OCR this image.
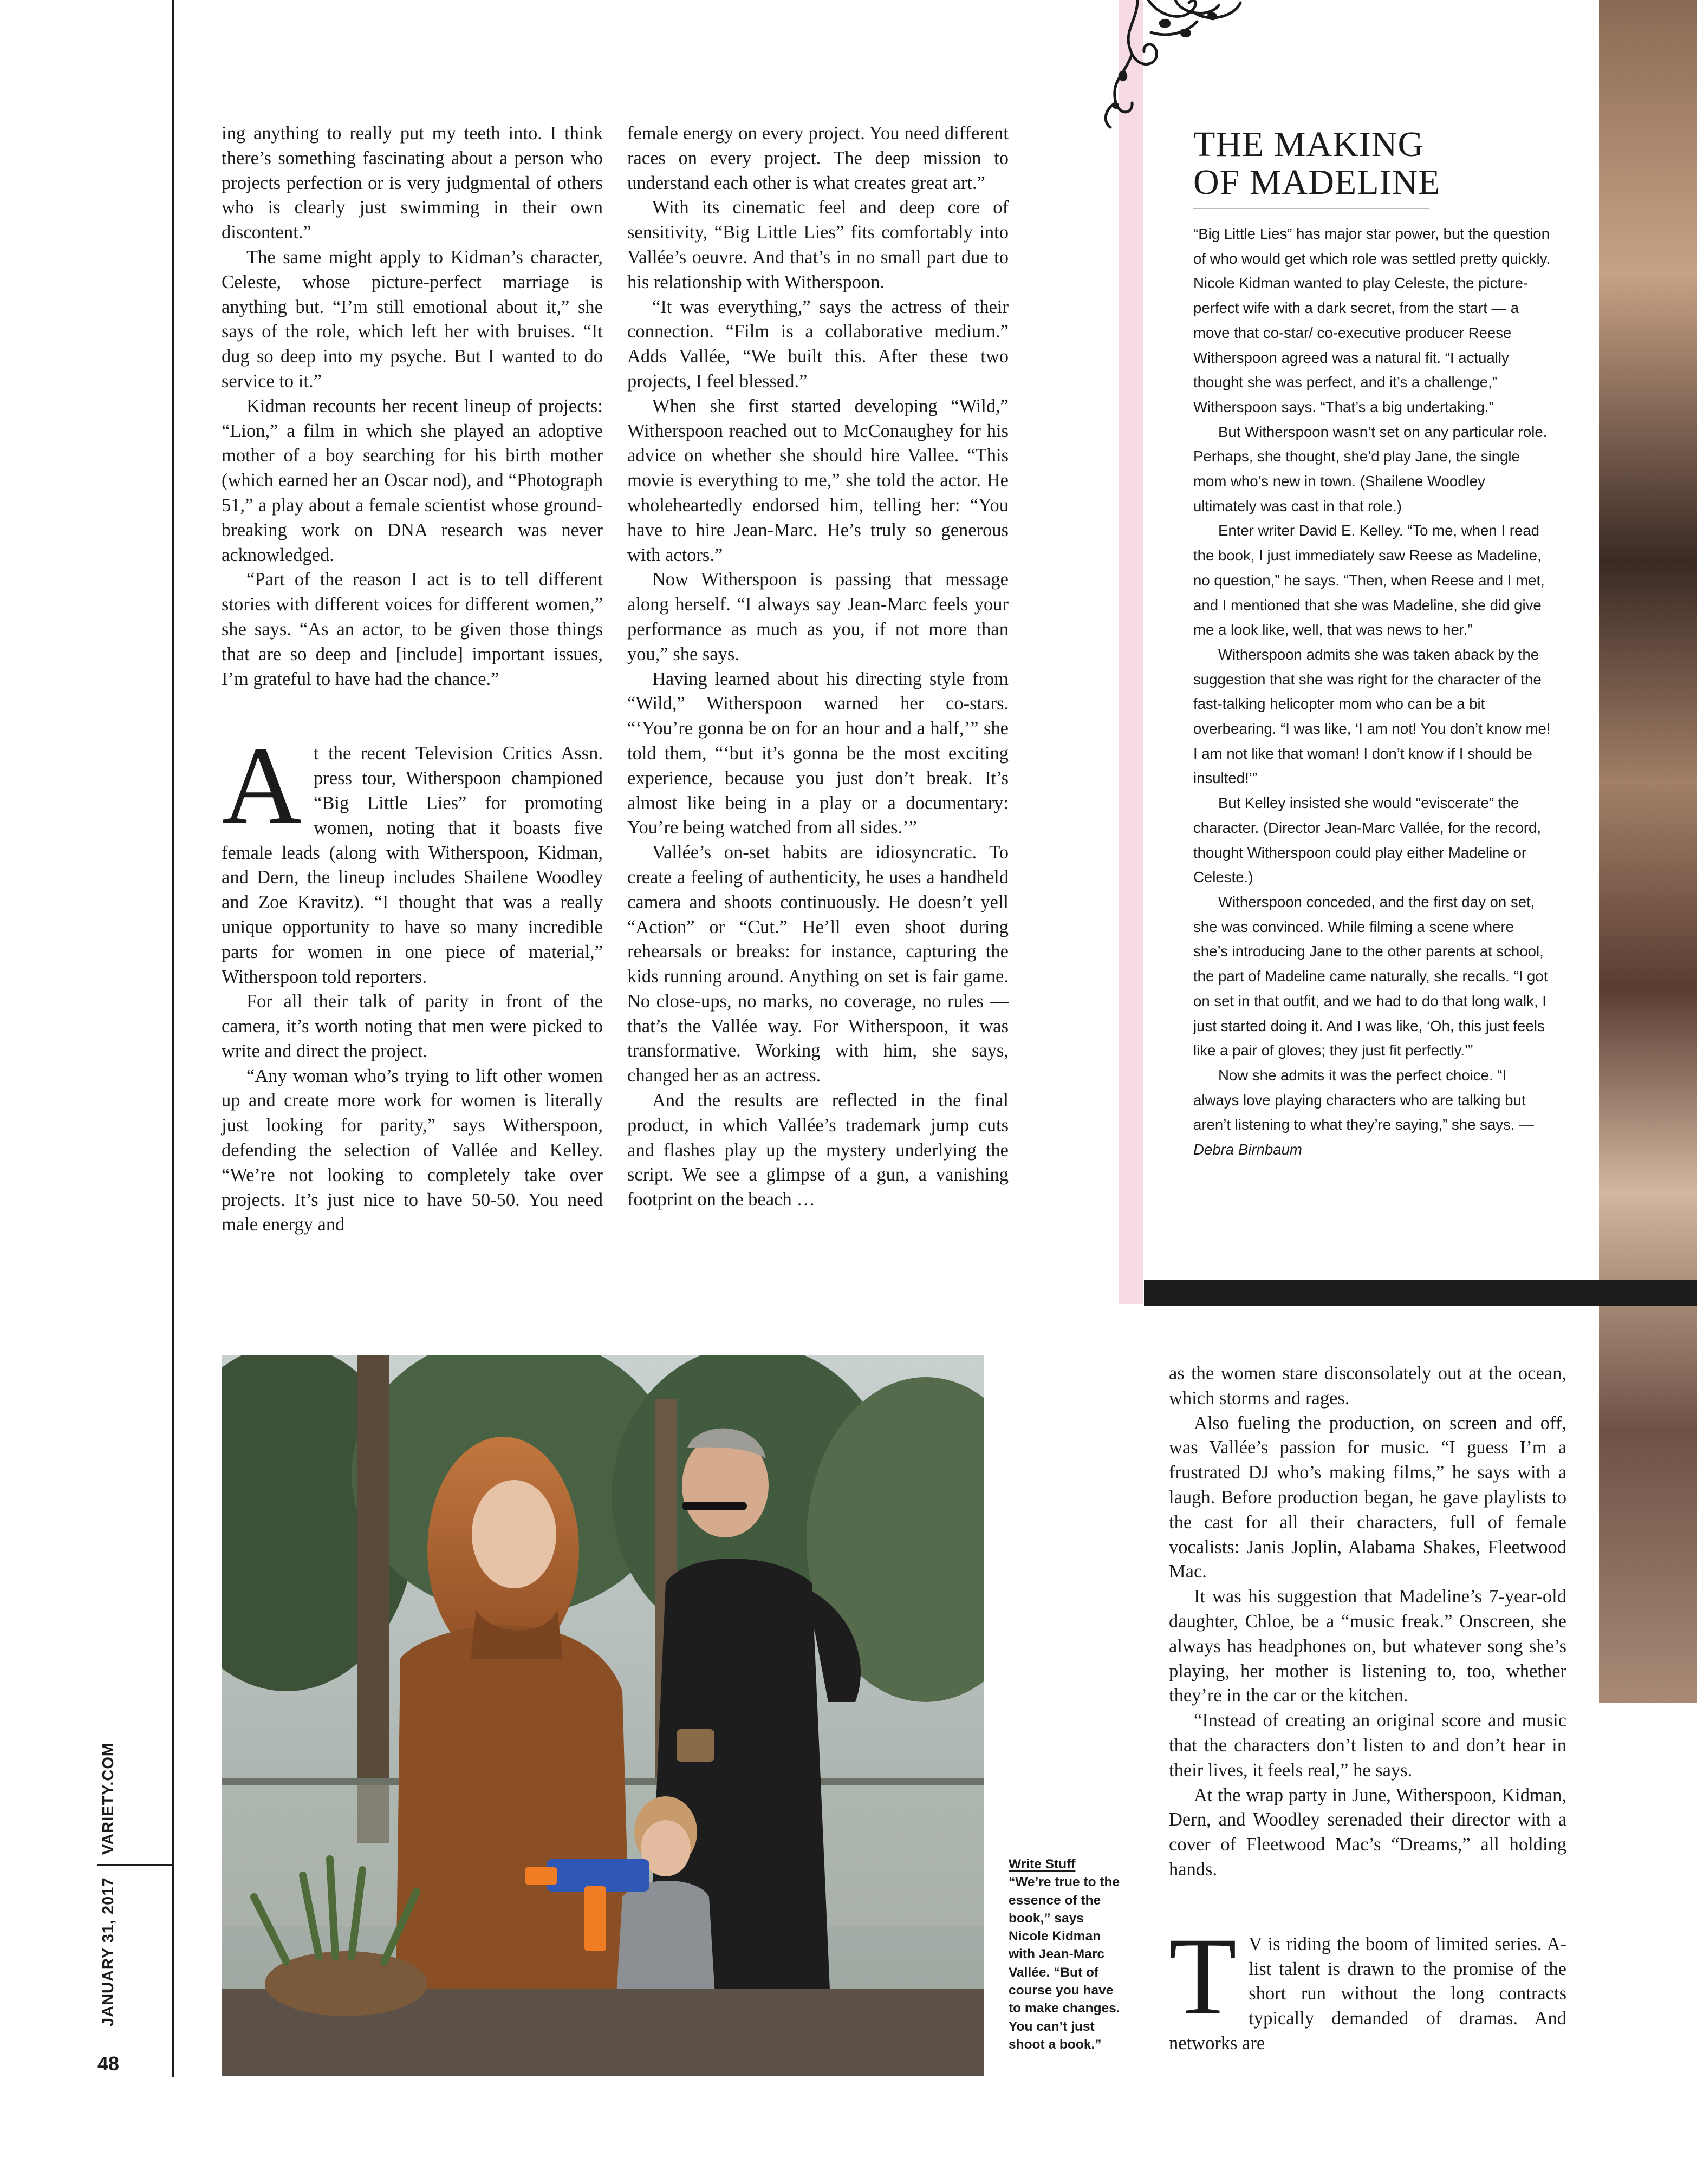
VARIETY.COM
JANUARY 31, 2017
48

ing anything to really put my teeth into. I think there’s something fascinating about a person who projects perfection or is very judgmental of others who is clearly just swimming in their own discontent.”

The same might apply to Kidman’s character, Celeste, whose picture-perfect marriage is anything but. “I’m still emotional about it,” she says of the role, which left her with bruises. “It dug so deep into my psyche. But I wanted to do service to it.”

Kidman recounts her recent lineup of projects: “Lion,” a film in which she played an adoptive mother of a boy searching for his birth mother (which earned her an Oscar nod), and “Photograph 51,” a play about a female scientist whose ground-breaking work on DNA research was never acknowledged.

“Part of the reason I act is to tell different stories with different voices for different women,” she says. “As an actor, to be given those things that are so deep and [include] important issues, I’m grateful to have had the chance.”

At the recent Television Critics Assn. press tour, Witherspoon championed “Big Little Lies” for promoting women, noting that it boasts five female leads (along with Witherspoon, Kidman, and Dern, the lineup includes Shailene Woodley and Zoe Kravitz). “I thought that was a really unique opportunity to have so many incredible parts for women in one piece of material,” Witherspoon told reporters.

For all their talk of parity in front of the camera, it’s worth noting that men were picked to write and direct the project.

“Any woman who’s trying to lift other women up and create more work for women is literally just looking for parity,” says Witherspoon, defending the selection of Vallée and Kelley. “We’re not looking to completely take over projects. It’s just nice to have 50-50. You need male energy and

female energy on every project. You need different races on every project. The deep mission to understand each other is what creates great art.”

With its cinematic feel and deep core of sensitivity, “Big Little Lies” fits comfortably into Vallée’s oeuvre. And that’s in no small part due to his relationship with Witherspoon.

“It was everything,” says the actress of their connection. “Film is a collaborative medium.” Adds Vallée, “We built this. After these two projects, I feel blessed.”

When she first started developing “Wild,” Witherspoon reached out to McConaughey for his advice on whether she should hire Vallee. “This movie is everything to me,” she told the actor. He wholeheartedly endorsed him, telling her: “You have to hire Jean-Marc. He’s truly so generous with actors.”

Now Witherspoon is passing that message along herself. “I always say Jean-Marc feels your performance as much as you, if not more than you,” she says.

Having learned about his directing style from “Wild,” Witherspoon warned her co-stars. “‘You’re gonna be on for an hour and a half,’” she told them, “‘but it’s gonna be the most exciting experience, because you just don’t break. It’s almost like being in a play or a documentary: You’re being watched from all sides.’”

Vallée’s on-set habits are idiosyncratic. To create a feeling of authenticity, he uses a handheld camera and shoots continuously. He doesn’t yell “Action” or “Cut.” He’ll even shoot during rehearsals or breaks: for instance, capturing the kids running around. Anything on set is fair game. No close-ups, no marks, no coverage, no rules — that’s the Vallée way. For Witherspoon, it was transformative. Working with him, she says, changed her as an actress.

And the results are reflected in the final product, in which Vallée’s trademark jump cuts and flashes play up the mystery underlying the script. We see a glimpse of a gun, a vanishing footprint on the beach …

THE MAKING
OF MADELINE

“Big Little Lies” has major star power, but the question of who would get which role was settled pretty quickly. Nicole Kidman wanted to play Celeste, the picture-perfect wife with a dark secret, from the start — a move that co-star/ co-executive producer Reese Witherspoon agreed was a natural fit. “I actually thought she was perfect, and it’s a challenge,” Witherspoon says. “That’s a big undertaking.”

But Witherspoon wasn’t set on any particular role. Perhaps, she thought, she’d play Jane, the single mom who’s new in town. (Shailene Woodley ultimately was cast in that role.)

Enter writer David E. Kelley. “To me, when I read the book, I just immediately saw Reese as Madeline, no question,” he says. “Then, when Reese and I met, and I mentioned that she was Madeline, she did give me a look like, well, that was news to her.”

Witherspoon admits she was taken aback by the suggestion that she was right for the character of the fast-talking helicopter mom who can be a bit overbearing. “I was like, ‘I am not! You don’t know me! I am not like that woman! I don’t know if I should be insulted!’”

But Kelley insisted she would “eviscerate” the character. (Director Jean-Marc Vallée, for the record, thought Witherspoon could play either Madeline or Celeste.)

Witherspoon conceded, and the first day on set, she was convinced. While filming a scene where she’s introducing Jane to the other parents at school, the part of Madeline came naturally, she recalls. “I got on set in that outfit, and we had to do that long walk, I just started doing it. And I was like, ‘Oh, this just feels like a pair of gloves; they just fit perfectly.’”

Now she admits it was the perfect choice. “I always love playing characters who are talking but aren’t listening to what they’re saying,” she says. — Debra Birnbaum

Write Stuff
“We’re true to the essence of the book,” says Nicole Kidman with Jean-Marc Vallée. “But of course you have to make changes. You can’t just shoot a book.”

as the women stare disconsolately out at the ocean, which storms and rages.

Also fueling the production, on screen and off, was Vallée’s passion for music. “I guess I’m a frustrated DJ who’s making films,” he says with a laugh. Before production began, he gave playlists to the cast for all their characters, full of female vocalists: Janis Joplin, Alabama Shakes, Fleetwood Mac.

It was his suggestion that Madeline’s 7-year-old daughter, Chloe, be a “music freak.” Onscreen, she always has headphones on, but whatever song she’s playing, her mother is listening to, too, whether they’re in the car or the kitchen.

“Instead of creating an original score and music that the characters don’t listen to and don’t hear in their lives, it feels real,” he says.

At the wrap party in June, Witherspoon, Kidman, Dern, and Woodley serenaded their director with a cover of Fleetwood Mac’s “Dreams,” all holding hands.

T V is riding the boom of limited series. A-list talent is drawn to the promise of the short run without the long contracts typically demanded of dramas. And networks are
